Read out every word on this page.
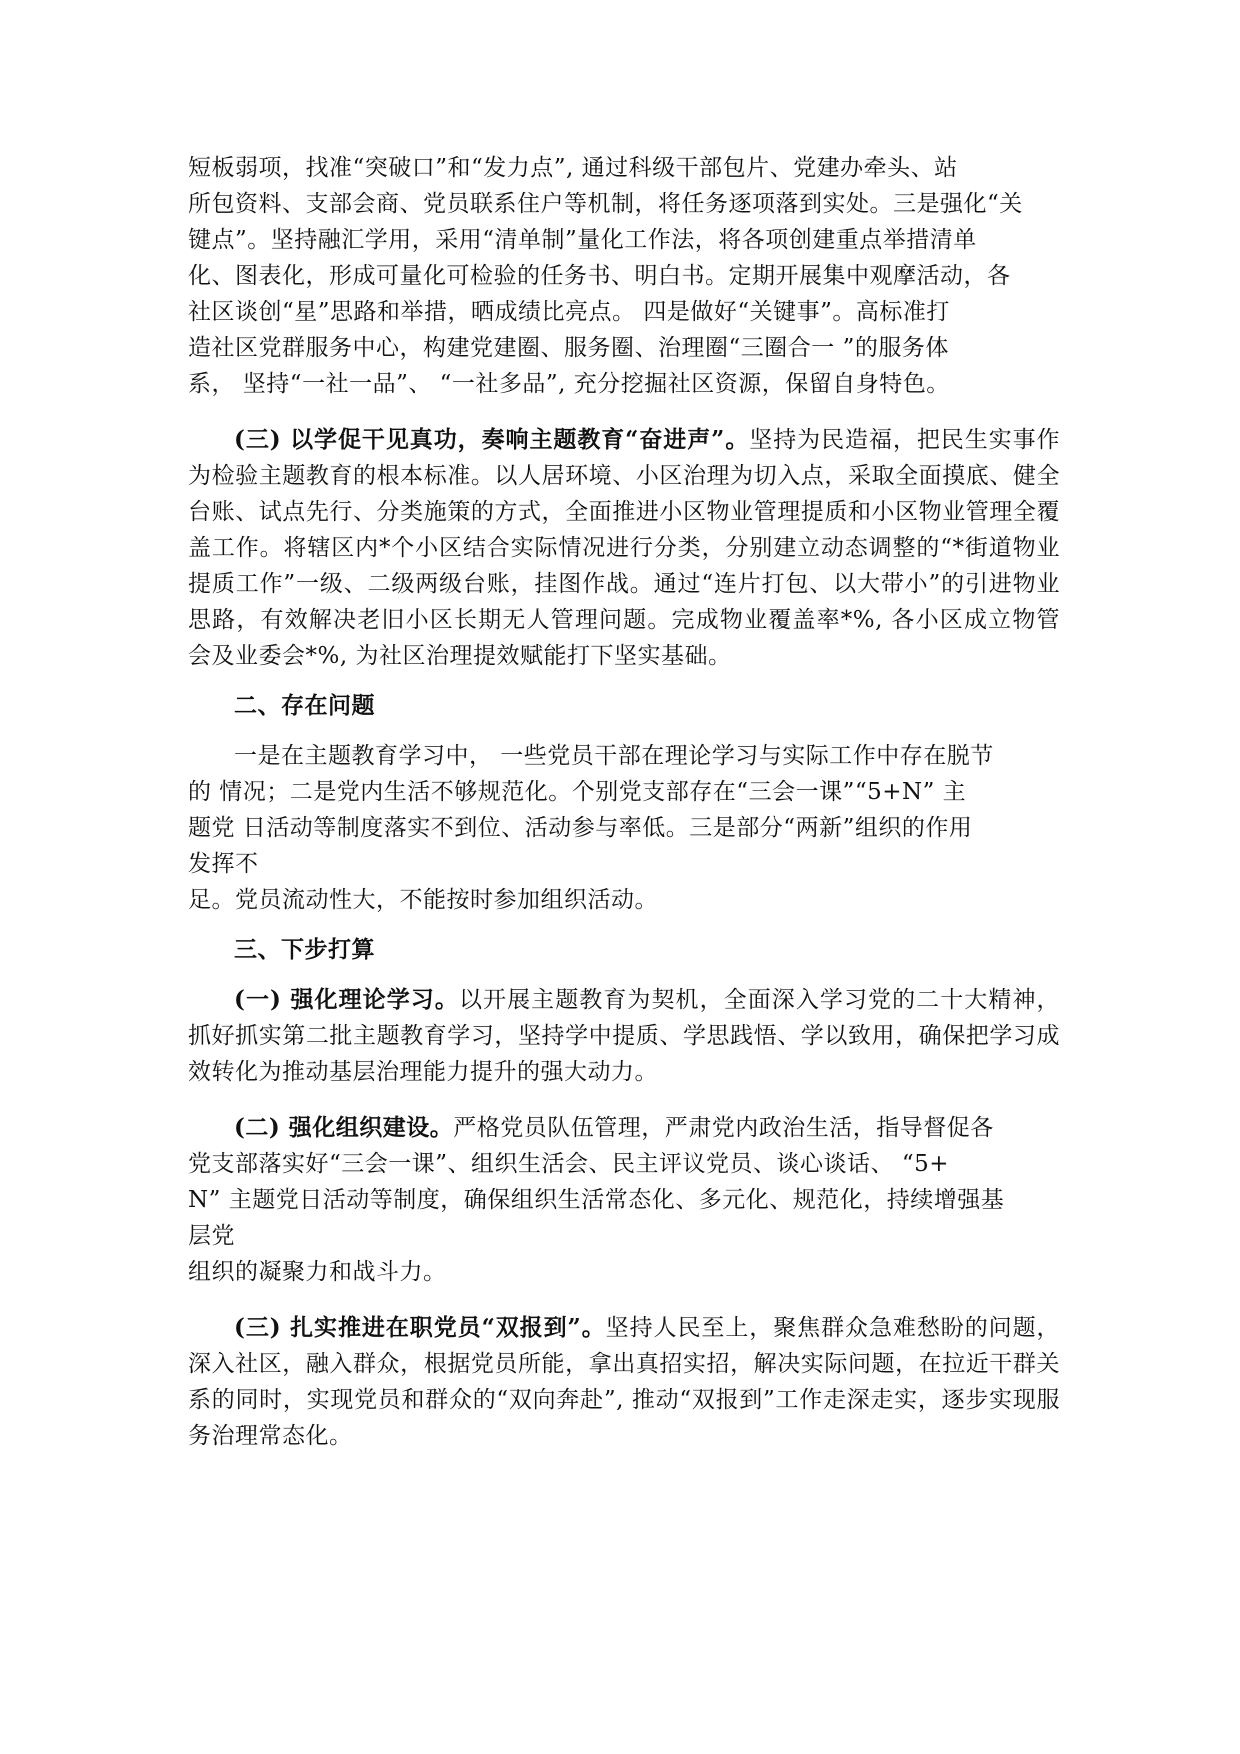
短板弱项，找准“突破口”和“发力点”, 通过科级干部包片、党建办牵头、站
所包资料、支部会商、党员联系住户等机制，将任务逐项落到实处。三是强化“关
键点”。坚持融汇学用，采用“清单制”量化工作法，将各项创建重点举措清单
化、图表化，形成可量化可检验的任务书、明白书。定期开展集中观摩活动，各
社区谈创“星”思路和举措，晒成绩比亮点。 四是做好“关键事”。高标准打
造社区党群服务中心，构建党建圈、服务圈、治理圈“三圈合一 ”的服务体
系， 坚持“一社一品”、 “一社多品”, 充分挖掘社区资源，保留自身特色。

(三) 以学促干见真功，奏响主题教育“奋进声”。坚持为民造福，把民生实事作为检验主题教育的根本标准。以人居环境、小区治理为切入点，采取全面摸底、健全台账、试点先行、分类施策的方式，全面推进小区物业管理提质和小区物业管理全覆盖工作。将辖区内*个小区结合实际情况进行分类，分别建立动态调整的“*街道物业提质工作”一级、二级两级台账，挂图作战。通过“连片打包、以大带小”的引进物业思路，有效解决老旧小区长期无人管理问题。完成物业覆盖率*%, 各小区成立物管会及业委会*%, 为社区治理提效赋能打下坚实基础。

二、存在问题

一是在主题教育学习中， 一些党员干部在理论学习与实际工作中存在脱节
的 情况；二是党内生活不够规范化。个别党支部存在“三会一课”“5+N” 主
题党 日活动等制度落实不到位、活动参与率低。三是部分“两新”组织的作用
发挥不
足。党员流动性大，不能按时参加组织活动。

三、下步打算

(一) 强化理论学习。以开展主题教育为契机，全面深入学习党的二十大精神，抓好抓实第二批主题教育学习，坚持学中提质、学思践悟、学以致用，确保把学习成效转化为推动基层治理能力提升的强大动力。

(二) 强化组织建设。严格党员队伍管理，严肃党内政治生活，指导督促各
党支部落实好“三会一课”、组织生活会、民主评议党员、谈心谈话、 “5+
N” 主题党日活动等制度，确保组织生活常态化、多元化、规范化，持续增强基
层党
组织的凝聚力和战斗力。

(三) 扎实推进在职党员“双报到”。坚持人民至上，聚焦群众急难愁盼的问题，深入社区，融入群众，根据党员所能，拿出真招实招，解决实际问题，在拉近干群关系的同时，实现党员和群众的“双向奔赴”, 推动“双报到”工作走深走实，逐步实现服务治理常态化。
